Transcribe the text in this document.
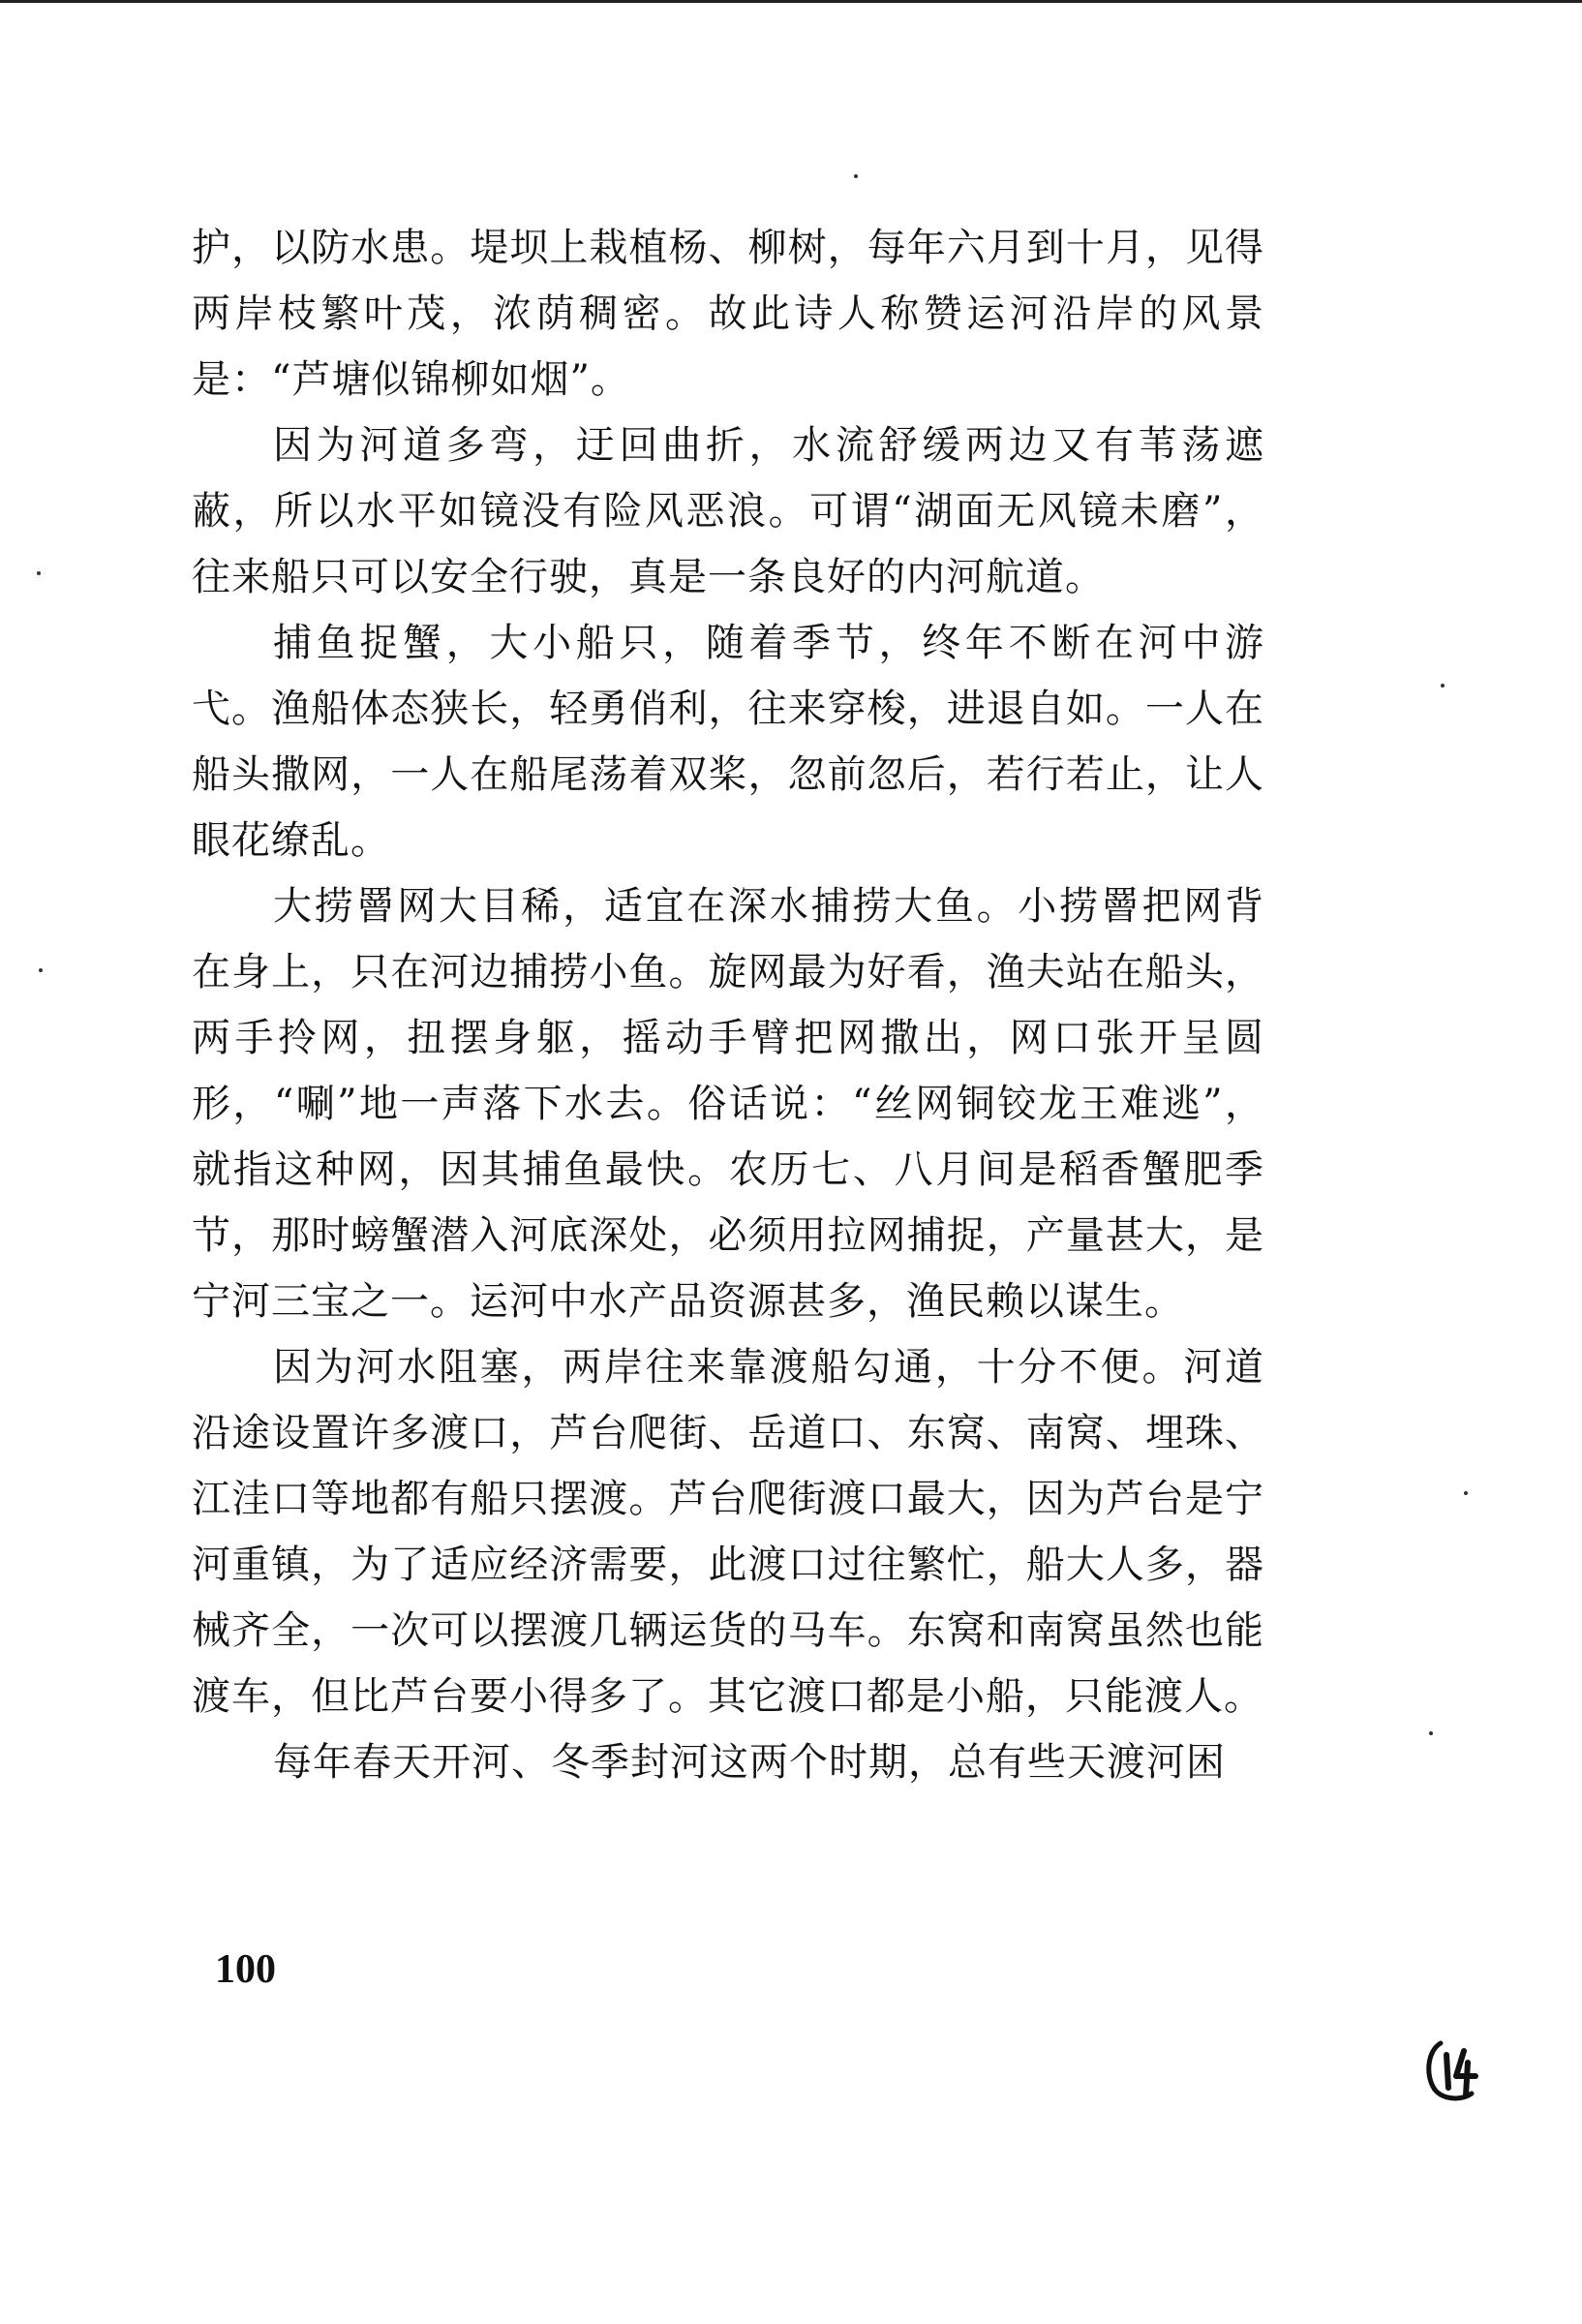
护，以防水患。堤坝上栽植杨、柳树，每年六月到十月，见得两岸枝繁叶茂，浓荫稠密。故此诗人称赞运河沿岸的风景是：“芦塘似锦柳如烟”。

因为河道多弯，迂回曲折，水流舒缓两边又有苇荡遮蔽，所以水平如镜没有险风恶浪。可谓“湖面无风镜未磨”，往来船只可以安全行驶，真是一条良好的内河航道。

捕鱼捉蟹，大小船只，随着季节，终年不断在河中游弋。渔船体态狭长，轻勇俏利，往来穿梭，进退自如。一人在船头撒网，一人在船尾荡着双桨，忽前忽后，若行若止，让人眼花缭乱。

大捞罾网大目稀，适宜在深水捕捞大鱼。小捞罾把网背在身上，只在河边捕捞小鱼。旋网最为好看，渔夫站在船头，两手拎网，扭摆身躯，摇动手臂把网撒出，网口张开呈圆形，“唰”地一声落下水去。俗话说：“丝网铜铰龙王难逃”，就指这种网，因其捕鱼最快。农历七、八月间是稻香蟹肥季节，那时螃蟹潜入河底深处，必须用拉网捕捉，产量甚大，是宁河三宝之一。运河中水产品资源甚多，渔民赖以谋生。

因为河水阻塞，两岸往来靠渡船勾通，十分不便。河道沿途设置许多渡口，芦台爬街、岳道口、东窝、南窝、埋珠、江洼口等地都有船只摆渡。芦台爬街渡口最大，因为芦台是宁河重镇，为了适应经济需要，此渡口过往繁忙，船大人多，器械齐全，一次可以摆渡几辆运货的马车。东窝和南窝虽然也能渡车，但比芦台要小得多了。其它渡口都是小船，只能渡人。

每年春天开河、冬季封河这两个时期，总有些天渡河困

100
